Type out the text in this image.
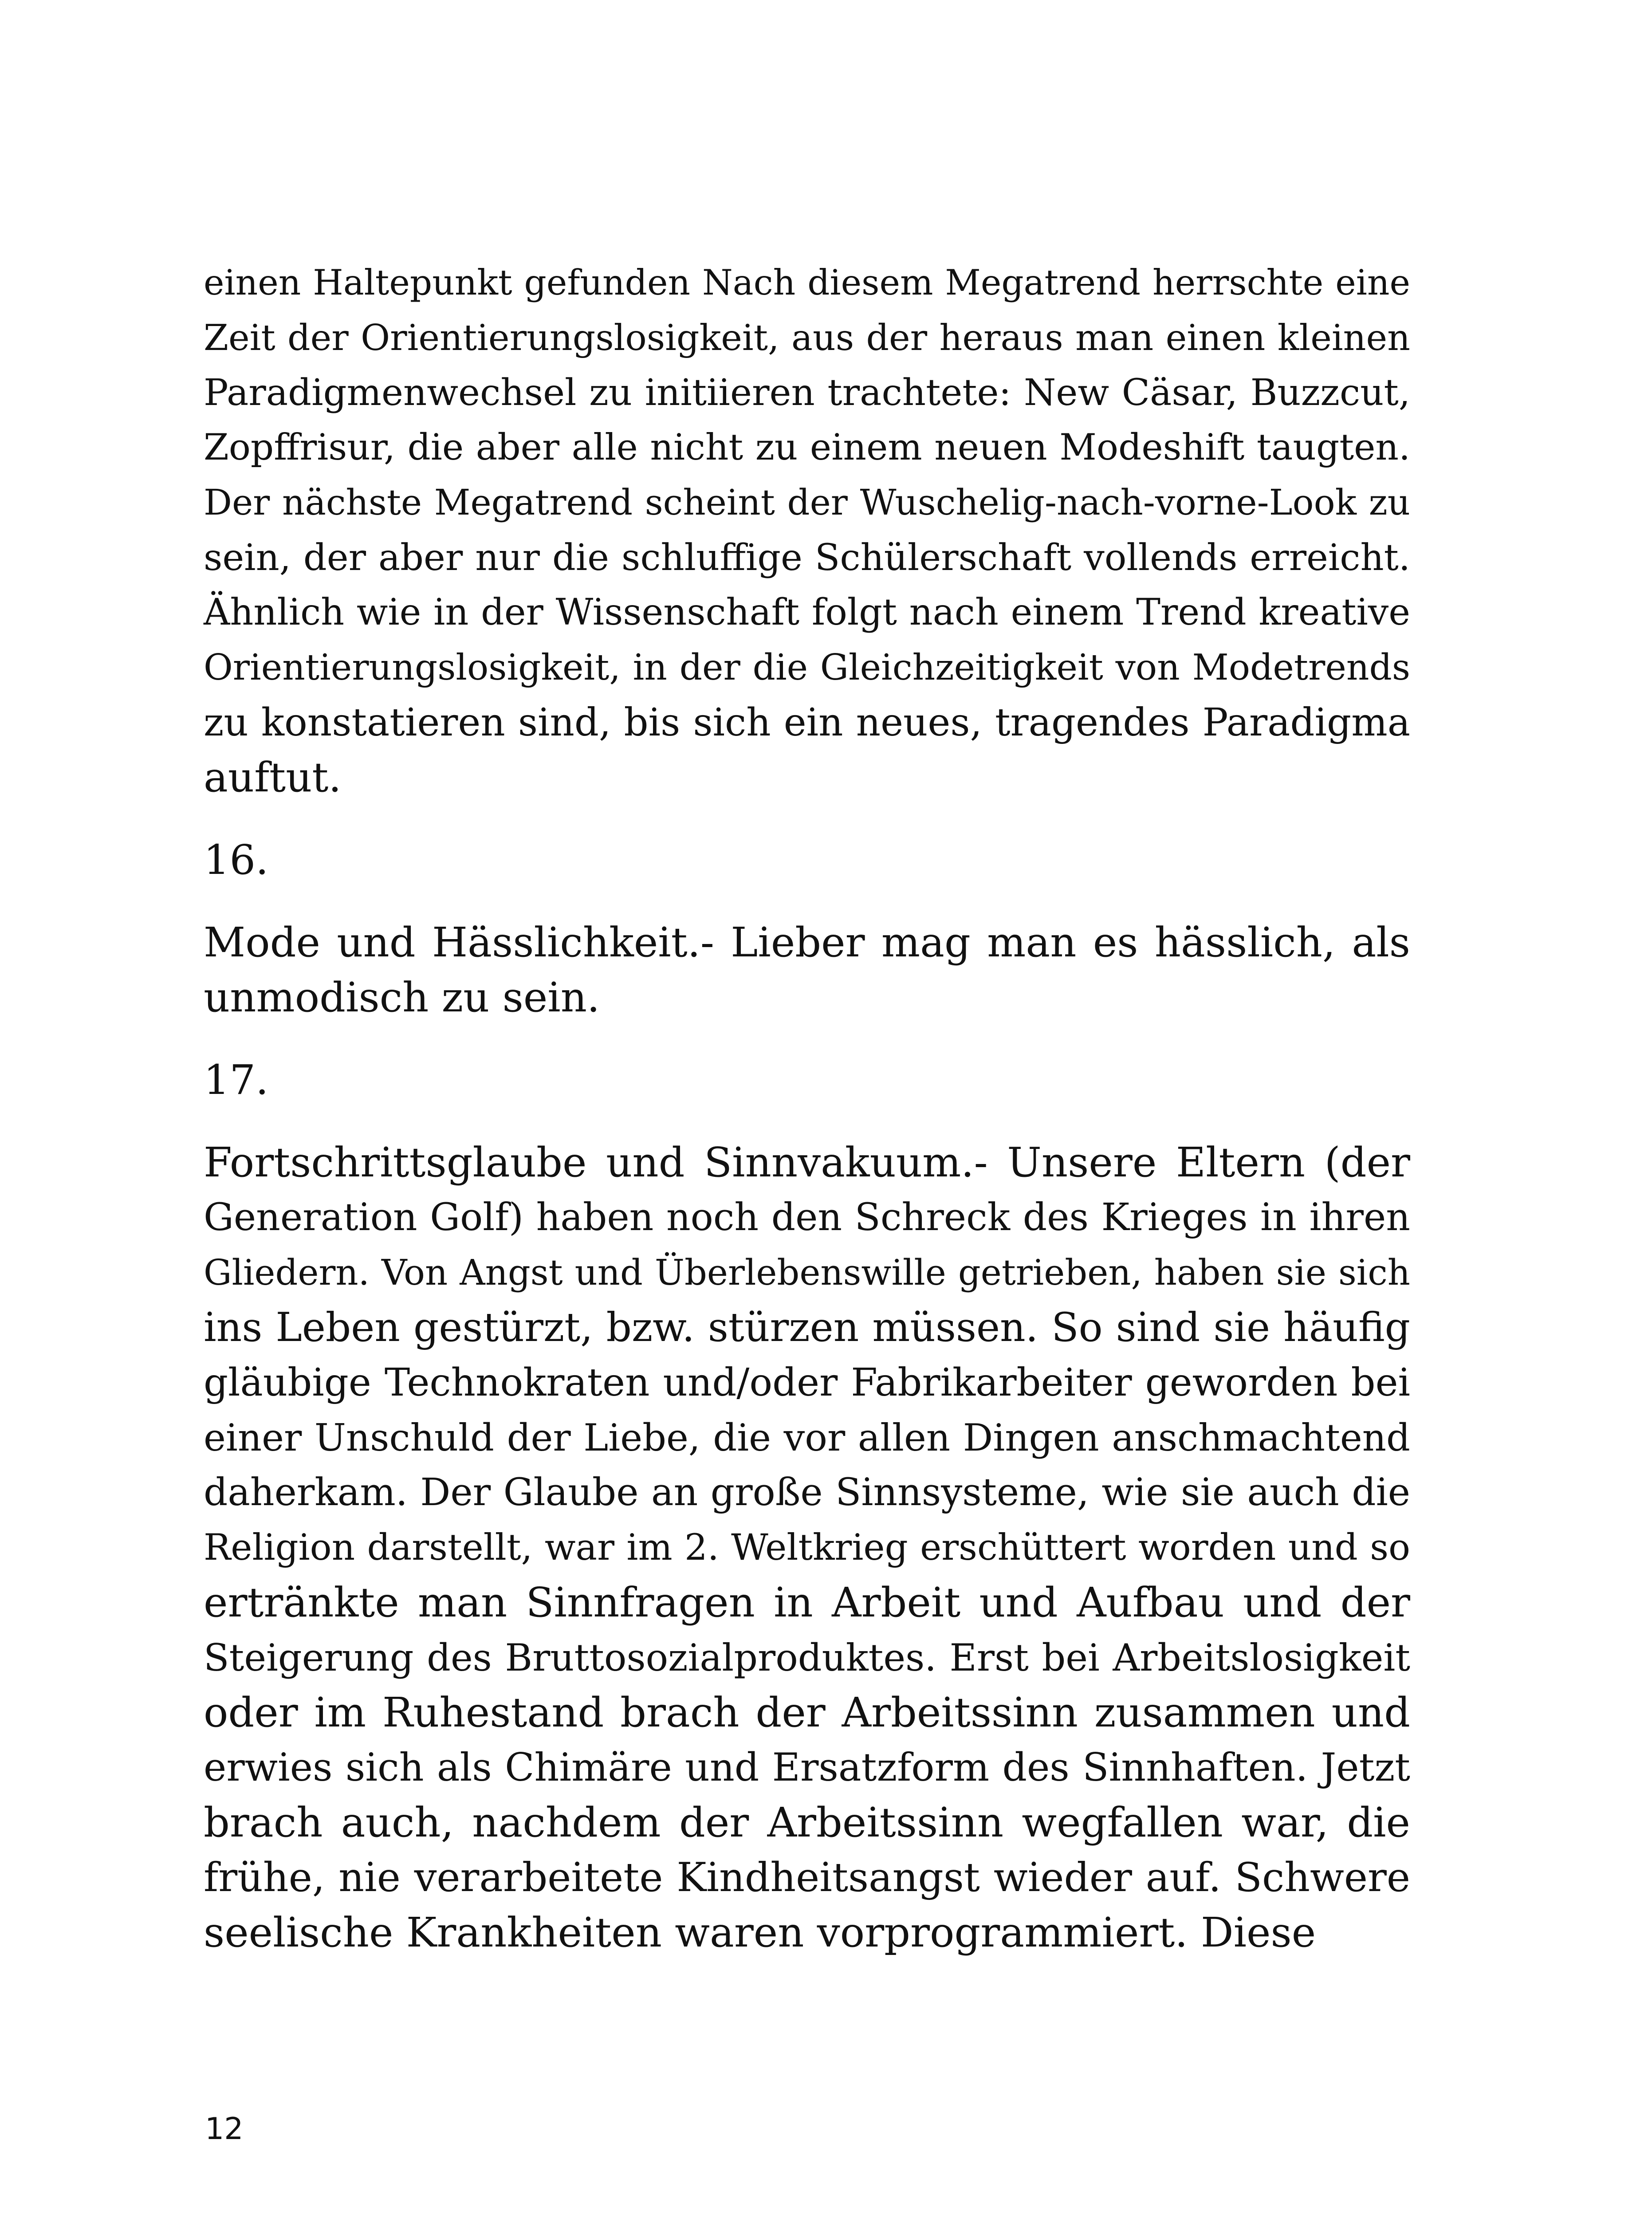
einen Haltepunkt gefunden Nach diesem Megatrend herrschte eine
Zeit der Orientierungslosigkeit, aus der heraus man einen kleinen
Paradigmenwechsel zu initiieren trachtete: New Cäsar, Buzzcut,
Zopffrisur, die aber alle nicht zu einem neuen Modeshift taugten.
Der nächste Megatrend scheint der Wuschelig-nach-vorne-Look zu
sein, der aber nur die schluffige Schülerschaft vollends erreicht.
Ähnlich wie in der Wissenschaft folgt nach einem Trend kreative
Orientierungslosigkeit, in der die Gleichzeitigkeit von Modetrends
zu konstatieren sind, bis sich ein neues, tragendes Paradigma
auftut.
16.
Mode und Hässlichkeit.- Lieber mag man es hässlich, als
unmodisch zu sein.
17.
Fortschrittsglaube und Sinnvakuum.- Unsere Eltern (der
Generation Golf) haben noch den Schreck des Krieges in ihren
Gliedern. Von Angst und Überlebenswille getrieben, haben sie sich
ins Leben gestürzt, bzw. stürzen müssen. So sind sie häufig
gläubige Technokraten und/oder Fabrikarbeiter geworden bei
einer Unschuld der Liebe, die vor allen Dingen anschmachtend
daherkam. Der Glaube an große Sinnsysteme, wie sie auch die
Religion darstellt, war im 2. Weltkrieg erschüttert worden und so
ertränkte man Sinnfragen in Arbeit und Aufbau und der
Steigerung des Bruttosozialproduktes. Erst bei Arbeitslosigkeit
oder im Ruhestand brach der Arbeitssinn zusammen und
erwies sich als Chimäre und Ersatzform des Sinnhaften. Jetzt
brach auch, nachdem der Arbeitssinn wegfallen war, die
frühe, nie verarbeitete Kindheitsangst wieder auf. Schwere
seelische Krankheiten waren vorprogrammiert. Diese
12
